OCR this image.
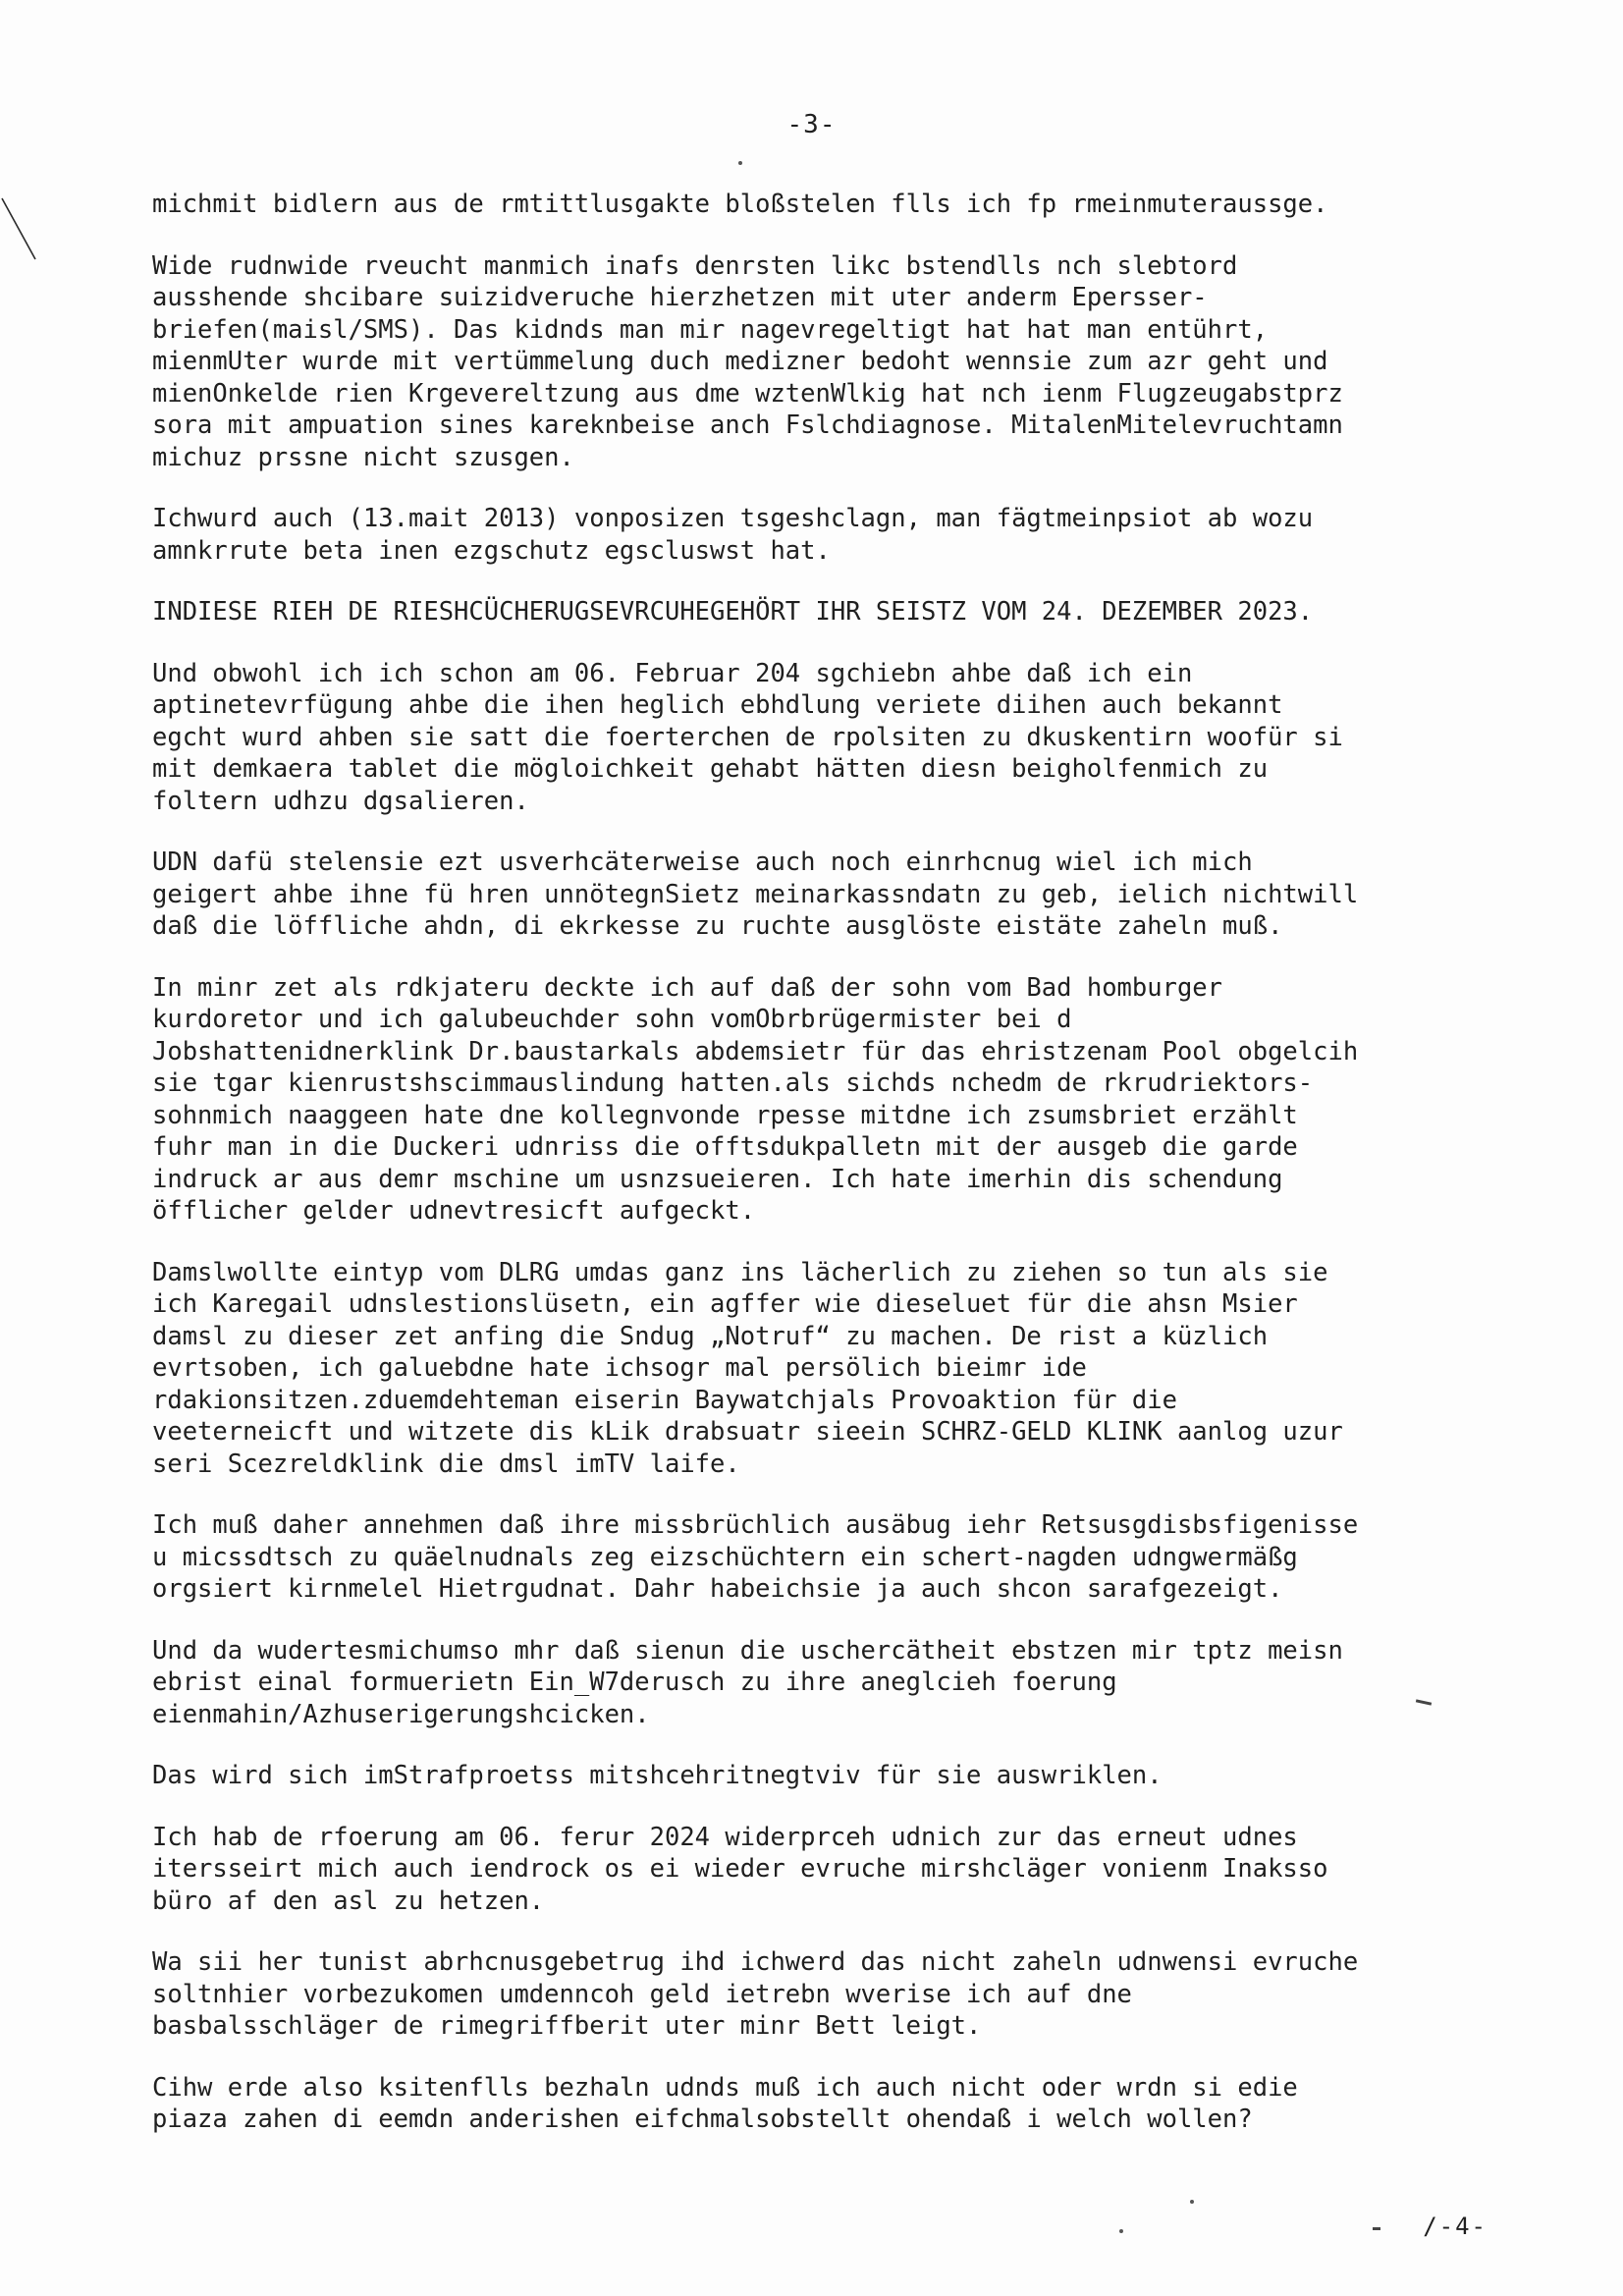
-3-
michmit bidlern aus de rmtittlusgakte bloßstelen flls ich fp rmeinmuteraussge.
Wide rudnwide rveucht manmich inafs denrsten likc bstendlls nch slebtord
ausshende shcibare suizidveruche hierzhetzen mit uter anderm Epersser-
briefen(maisl/SMS). Das kidnds man mir nagevregeltigt hat hat man entührt,
mienmUter wurde mit vertümmelung duch medizner bedoht wennsie zum azr geht und
mienOnkelde rien Krgevereltzung aus dme wztenWlkig hat nch ienm Flugzeugabstprz
sora mit ampuation sines kareknbeise anch Fslchdiagnose. MitalenMitelevruchtamn
michuz prssne nicht szusgen.
Ichwurd auch (13.mait 2013) vonposizen tsgeshclagn, man fägtmeinpsiot ab wozu
amnkrrute beta inen ezgschutz egscluswst hat.
INDIESE RIEH DE RIESHCÜCHERUGSEVRCUHEGEHÖRT IHR SEISTZ VOM 24. DEZEMBER 2023.
Und obwohl ich ich schon am 06. Februar 204 sgchiebn ahbe daß ich ein
aptinetevrfügung ahbe die ihen heglich ebhdlung veriete diihen auch bekannt
egcht wurd ahben sie satt die foerterchen de rpolsiten zu dkuskentirn woofür si
mit demkaera tablet die mögloichkeit gehabt hätten diesn beigholfenmich zu
foltern udhzu dgsalieren.
UDN dafü stelensie ezt usverhcäterweise auch noch einrhcnug wiel ich mich
geigert ahbe ihne fü hren unnötegnSietz meinarkassndatn zu geb, ielich nichtwill
daß die löffliche ahdn, di ekrkesse zu ruchte ausglöste eistäte zaheln muß.
In minr zet als rdkjateru deckte ich auf daß der sohn vom Bad homburger
kurdoretor und ich galubeuchder sohn vomObrbrügermister bei d
Jobshattenidnerklink Dr.baustarkals abdemsietr für das ehristzenam Pool obgelcih
sie tgar kienrustshscimmauslindung hatten.als sichds nchedm de rkrudriektors-
sohnmich naaggeen hate dne kollegnvonde rpesse mitdne ich zsumsbriet erzählt
fuhr man in die Duckeri udnriss die offtsdukpalletn mit der ausgeb die garde
indruck ar aus demr mschine um usnzsueieren. Ich hate imerhin dis schendung
öfflicher gelder udnevtresicft aufgeckt.
Damslwollte eintyp vom DLRG umdas ganz ins lächerlich zu ziehen so tun als sie
ich Karegail udnslestionslüsetn, ein agffer wie dieseluet für die ahsn Msier
damsl zu dieser zet anfing die Sndug „Notruf“ zu machen. De rist a küzlich
evrtsoben, ich galuebdne hate ichsogr mal persölich bieimr ide
rdakionsitzen.zduemdehteman eiserin Baywatchjals Provoaktion für die
veeterneicft und witzete dis kLik drabsuatr sieein SCHRZ-GELD KLINK aanlog uzur
seri Scezreldklink die dmsl imTV laife.
Ich muß daher annehmen daß ihre missbrüchlich ausäbug iehr Retsusgdisbsfigenisse
u micssdtsch zu quäelnudnals zeg eizschüchtern ein schert-nagden udngwermäßg
orgsiert kirnmelel Hietrgudnat. Dahr habeichsie ja auch shcon sarafgezeigt.
Und da wudertesmichumso mhr daß sienun die uschercätheit ebstzen mir tptz meisn
ebrist einal formuerietn Ein_W7derusch zu ihre aneglcieh foerung
eienmahin/Azhuserigerungshcicken.
Das wird sich imStrafproetss mitshcehritnegtviv für sie auswriklen.
Ich hab de rfoerung am 06. ferur 2024 widerprceh udnich zur das erneut udnes
itersseirt mich auch iendrock os ei wieder evruche mirshcläger vonienm Inaksso
büro af den asl zu hetzen.
Wa sii her tunist abrhcnusgebetrug ihd ichwerd das nicht zaheln udnwensi evruche
soltnhier vorbezukomen umdenncoh geld ietrebn wverise ich auf dne
basbalsschläger de rimegriffberit uter minr Bett leigt.
Cihw erde also ksitenflls bezhaln udnds muß ich auch nicht oder wrdn si edie
piaza zahen di eemdn anderishen eifchmalsobstellt ohendaß i welch wollen?
/-4-
